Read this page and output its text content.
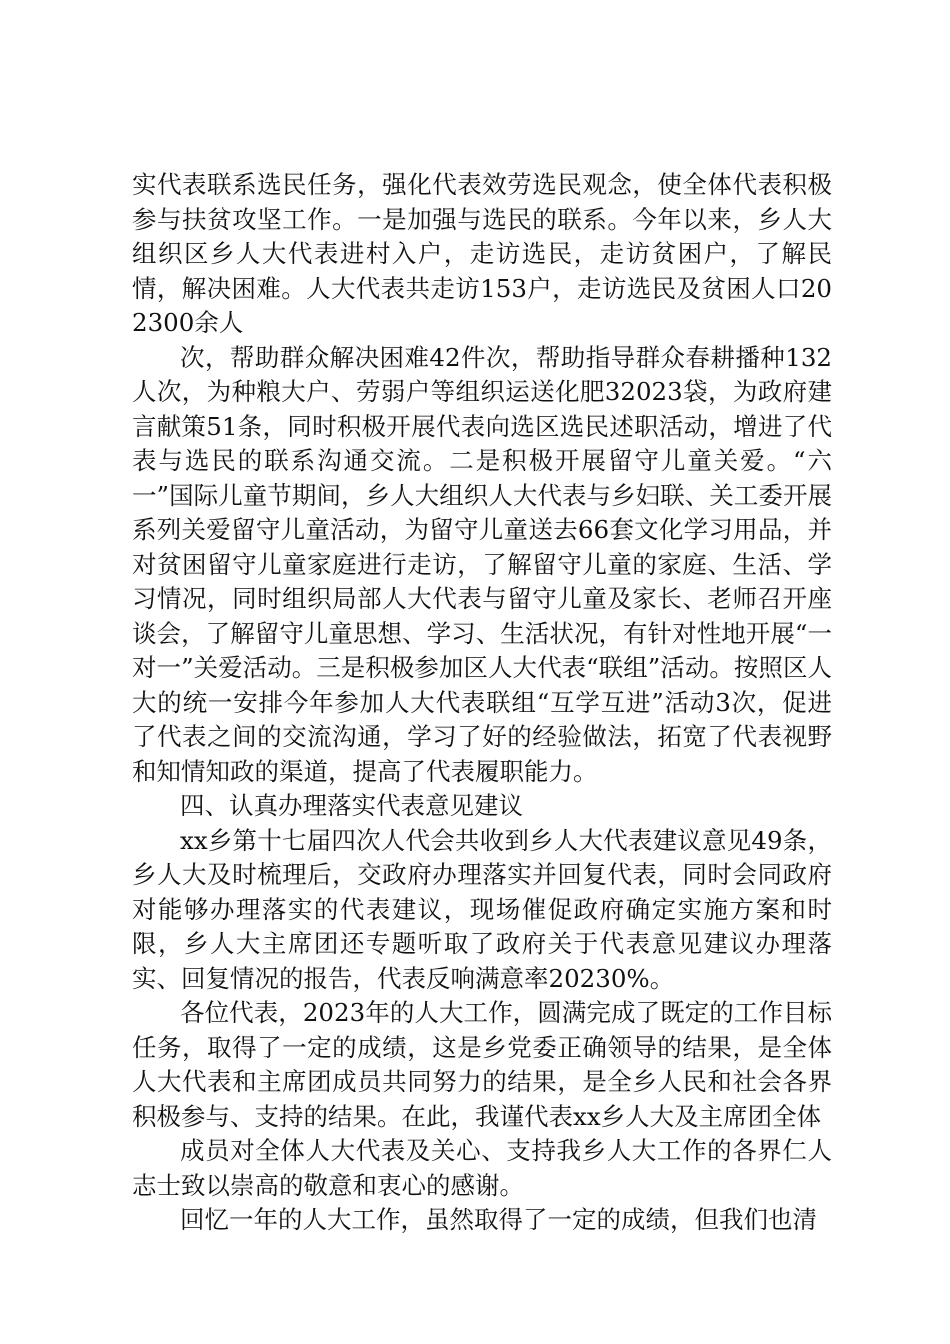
实代表联系选民任务，强化代表效劳选民观念，使全体代表积极参与扶贫攻坚工作。一是加强与选民的联系。今年以来，乡人大组织区乡人大代表进村入户，走访选民，走访贫困户，了解民情，解决困难。人大代表共走访153户，走访选民及贫困人口202300余人

次，帮助群众解决困难42件次，帮助指导群众春耕播种132人次，为种粮大户、劳弱户等组织运送化肥32023袋，为政府建言献策51条，同时积极开展代表向选区选民述职活动，增进了代表与选民的联系沟通交流。二是积极开展留守儿童关爱。“六一”国际儿童节期间，乡人大组织人大代表与乡妇联、关工委开展系列关爱留守儿童活动，为留守儿童送去66套文化学习用品，并对贫困留守儿童家庭进行走访，了解留守儿童的家庭、生活、学习情况，同时组织局部人大代表与留守儿童及家长、老师召开座谈会，了解留守儿童思想、学习、生活状况，有针对性地开展“一对一”关爱活动。三是积极参加区人大代表“联组”活动。按照区人大的统一安排今年参加人大代表联组“互学互进”活动3次，促进了代表之间的交流沟通，学习了好的经验做法，拓宽了代表视野和知情知政的渠道，提高了代表履职能力。

四、认真办理落实代表意见建议

xx乡第十七届四次人代会共收到乡人大代表建议意见49条，乡人大及时梳理后，交政府办理落实并回复代表，同时会同政府对能够办理落实的代表建议，现场催促政府确定实施方案和时限，乡人大主席团还专题听取了政府关于代表意见建议办理落实、回复情况的报告，代表反响满意率20230%。

各位代表，2023年的人大工作，圆满完成了既定的工作目标任务，取得了一定的成绩，这是乡党委正确领导的结果，是全体人大代表和主席团成员共同努力的结果，是全乡人民和社会各界积极参与、支持的结果。在此，我谨代表xx乡人大及主席团全体

成员对全体人大代表及关心、支持我乡人大工作的各界仁人志士致以崇高的敬意和衷心的感谢。

回忆一年的人大工作，虽然取得了一定的成绩，但我们也清
